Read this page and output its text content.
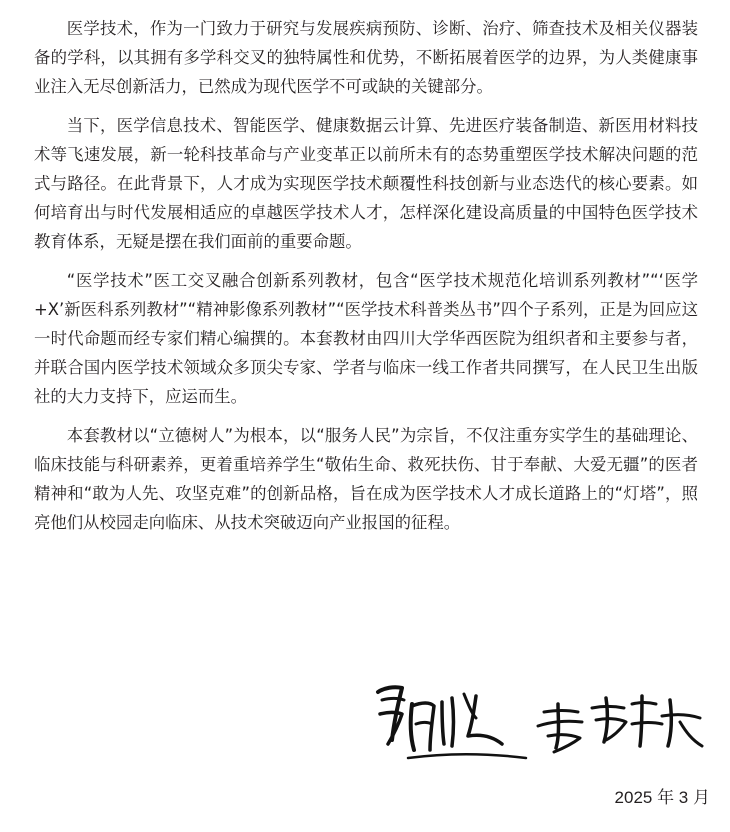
医学技术，作为一门致力于研究与发展疾病预防、诊断、治疗、筛查技术及相关仪器装备的学科，以其拥有多学科交叉的独特属性和优势，不断拓展着医学的边界，为人类健康事业注入无尽创新活力，已然成为现代医学不可或缺的关键部分。

当下，医学信息技术、智能医学、健康数据云计算、先进医疗装备制造、新医用材料技术等飞速发展，新一轮科技革命与产业变革正以前所未有的态势重塑医学技术解决问题的范式与路径。在此背景下，人才成为实现医学技术颠覆性科技创新与业态迭代的核心要素。如何培育出与时代发展相适应的卓越医学技术人才，怎样深化建设高质量的中国特色医学技术教育体系，无疑是摆在我们面前的重要命题。

“医学技术”医工交叉融合创新系列教材，包含“医学技术规范化培训系列教材”“‘医学+X’新医科系列教材”“精神影像系列教材”“医学技术科普类丛书”四个子系列，正是为回应这一时代命题而经专家们精心编撰的。本套教材由四川大学华西医院为组织者和主要参与者，并联合国内医学技术领域众多顶尖专家、学者与临床一线工作者共同撰写，在人民卫生出版社的大力支持下，应运而生。

本套教材以“立德树人”为根本，以“服务人民”为宗旨，不仅注重夯实学生的基础理论、临床技能与科研素养，更着重培养学生“敬佑生命、救死扶伤、甘于奉献、大爱无疆”的医者精神和“敢为人先、攻坚克难”的创新品格，旨在成为医学技术人才成长道路上的“灯塔”，照亮他们从校园走向临床、从技术突破迈向产业报国的征程。

2025 年 3 月
